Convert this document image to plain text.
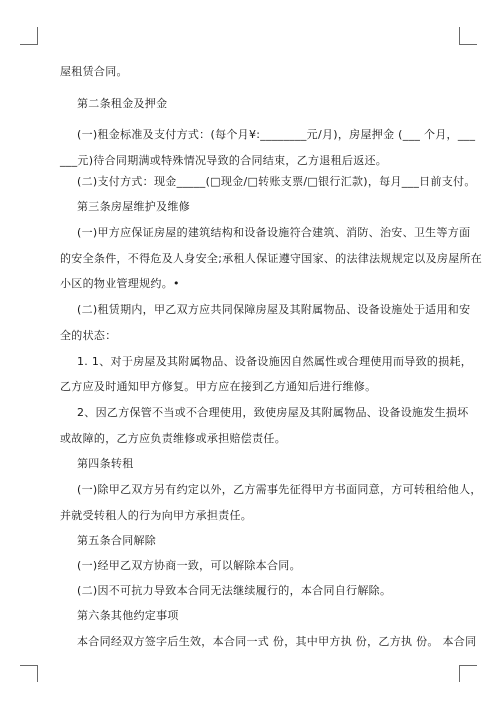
屋租赁合同。
第二条租金及押金
(一)租金标准及支付方式：(每个月¥:________元/月)，房屋押金 (___ 个月，___
___元)待合同期满或特殊情况导致的合同结束，乙方退租后返还。
(二)支付方式：现金_____(□现金/□转账支票/□银行汇款)，每月___日前支付。
第三条房屋维护及维修
(一)甲方应保证房屋的建筑结构和设备设施符合建筑、消防、治安、卫生等方面
的安全条件，不得危及人身安全;承租人保证遵守国家、的法律法规规定以及房屋所在
小区的物业管理规约。•
(二)租赁期内，甲乙双方应共同保障房屋及其附属物品、设备设施处于适用和安
全的状态：
1. 1、对于房屋及其附属物品、设备设施因自然属性或合理使用而导致的损耗，
乙方应及时通知甲方修复。甲方应在接到乙方通知后进行维修。
2、因乙方保管不当或不合理使用，致使房屋及其附属物品、设备设施发生损坏
或故障的，乙方应负责维修或承担赔偿责任。
第四条转租
(一)除甲乙双方另有约定以外，乙方需事先征得甲方书面同意，方可转租给他人，
并就受转租人的行为向甲方承担责任。
第五条合同解除
(一)经甲乙双方协商一致，可以解除本合同。
(二)因不可抗力导致本合同无法继续履行的，本合同自行解除。
第六条其他约定事项
本合同经双方签字后生效，本合同一式 份，其中甲方执 份，乙方执 份。 本合同
